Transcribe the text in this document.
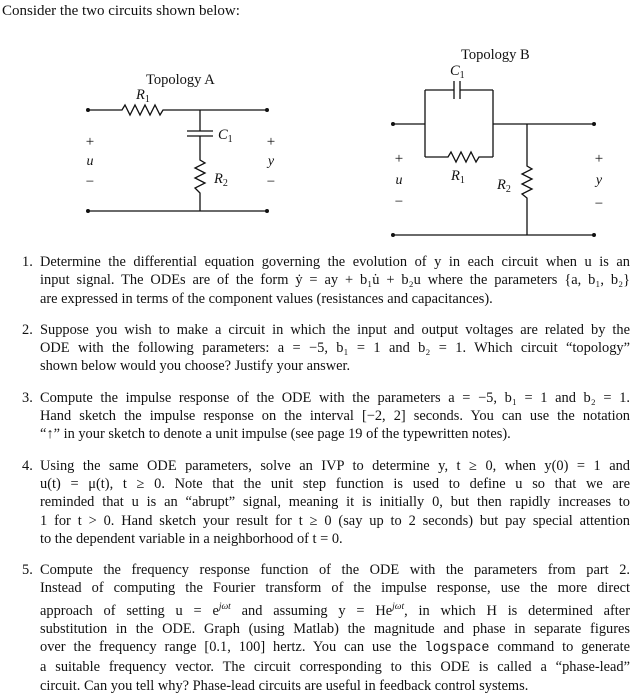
Consider the two circuits shown below:
Topology A
$R_1$
$C_1$
$R_2$
+
u
−
+
y
−
Topology B
$C_1$
$R_1$ $R_2$
+
u
−
+
y
−
1. Determine the differential equation governing the evolution of y in each circuit when u is an
input signal. The ODEs are of the form ẏ = ay + b₁u̇ + b₂u where the parameters {a, b₁, b₂}
are expressed in terms of the component values (resistances and capacitances).
2. Suppose you wish to make a circuit in which the input and output voltages are related by the
ODE with the following parameters: a = −5, b₁ = 1 and b₂ = 1. Which circuit “topology”
shown below would you choose? Justify your answer.
3. Compute the impulse response of the ODE with the parameters a = −5, b₁ = 1 and b₂ = 1.
Hand sketch the impulse response on the interval [−2, 2] seconds. You can use the notation
“↑” in your sketch to denote a unit impulse (see page 19 of the typewritten notes).
4. Using the same ODE parameters, solve an IVP to determine y, t ≥ 0, when y(0) = 1 and
u(t) = μ(t), t ≥ 0. Note that the unit step function is used to define u so that we are
reminded that u is an “abrupt” signal, meaning it is initially 0, but then rapidly increases to
1 for t > 0. Hand sketch your result for t ≥ 0 (say up to 2 seconds) but pay special attention
to the dependent variable in a neighborhood of t = 0.
5. Compute the frequency response function of the ODE with the parameters from part 2.
Instead of computing the Fourier transform of the impulse response, use the more direct
approach of setting $u = e^{j\omega t}$ and assuming $y = He^{j\omega t}$, in which H is determined after
substitution in the ODE. Graph (using Matlab) the magnitude and phase in separate figures
over the frequency range [0.1, 100] hertz. You can use the logspace command to generate
a suitable frequency vector. The circuit corresponding to this ODE is called a “phase-lead”
circuit. Can you tell why? Phase-lead circuits are useful in feedback control systems.
